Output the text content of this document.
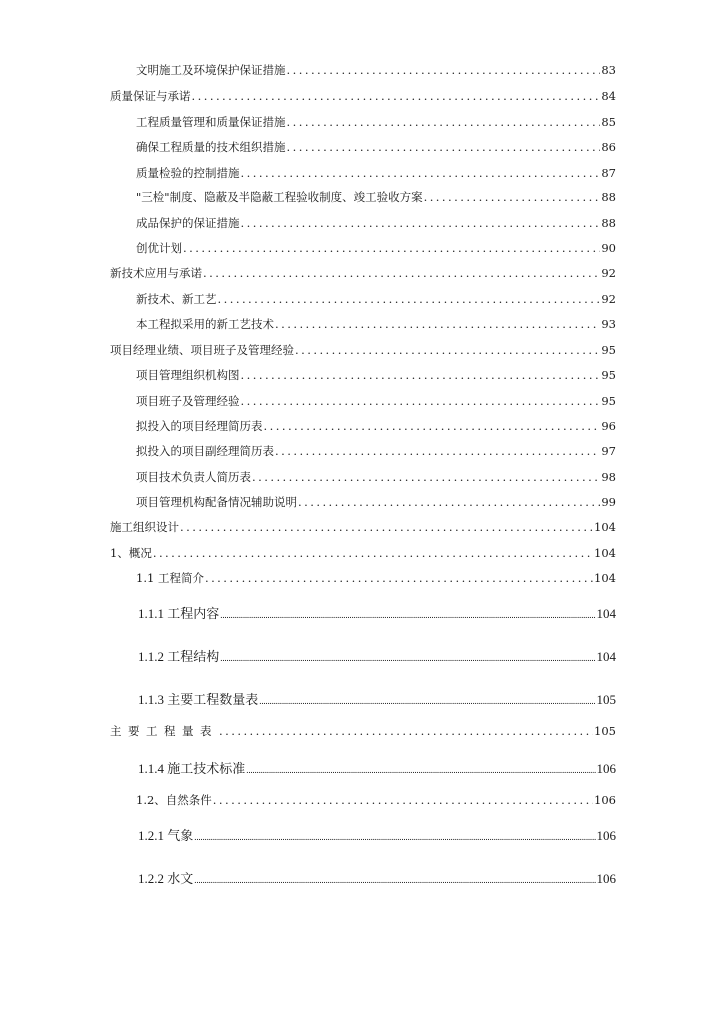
文明施工及环境保护保证措施 . . .	83
质量保证与承诺 . . .	84
工程质量管理和质量保证措施 . . .	85
确保工程质量的技术组织措施 . . .	86
质量检验的控制措施 . . .	87
"三检"制度、隐蔽及半隐蔽工程验收制度、竣工验收方案 . . .	88
成品保护的保证措施 . . .	88
创优计划 . . .	90
新技术应用与承诺 . . .	92
新技术、新工艺 . . .	92
本工程拟采用的新工艺技术 . . .	93
项目经理业绩、项目班子及管理经验 . . .	95
项目管理组织机构图 . . .	95
项目班子及管理经验 . . .	95
拟投入的项目经理简历表 . . .	96
拟投入的项目副经理简历表 . . .	97
项目技术负责人简历表 . . .	98
项目管理机构配备情况辅助说明 . . .	99
施工组织设计 . . .	104
1、概况 . . .	104
1.1 工程简介 . . .	104
1.1.1 工程内容 .....	104
1.1.2 工程结构 .....	104
1.1.3 主要工程数量表 .....	105
主要工程量表 . . .	105
1.1.4 施工技术标准 .....	106
1.2、自然条件 . . .	106
1.2.1 气象 .....	106
1.2.2 水文 .....	106
